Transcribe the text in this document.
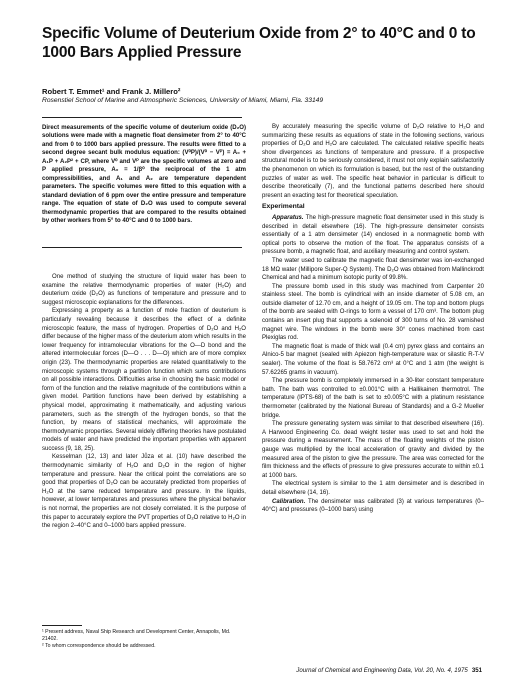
Specific Volume of Deuterium Oxide from 2° to 40°C and 0 to 1000 Bars Applied Pressure
Robert T. Emmet¹ and Frank J. Millero²
Rosenstiel School of Marine and Atmospheric Sciences, University of Miami, Miami, Fla. 33149
Direct measurements of the specific volume of deuterium oxide (D₂O) solutions were made with a magnetic float densimeter from 2° to 40°C and from 0 to 1000 bars applied pressure. The results were fitted to a second degree secant bulk modulus equation: (V⁰P)/(V⁰ − Vᴾ) = A₀ + A₁P + A₂P² + CP, where V⁰ and Vᴾ are the specific volumes at zero and P applied pressure, A₀ = 1/β⁰ the reciprocal of the 1 atm compressibilities, and A₁ and A₂ are temperature dependent parameters. The specific volumes were fitted to this equation with a standard deviation of 6 ppm over the entire pressure and temperature range. The equation of state of D₂O was used to compute several thermodynamic properties that are compared to the results obtained by other workers from 5° to 40°C and 0 to 1000 bars.

One method of studying the structure of liquid water has been to examine the relative thermodynamic properties of water (H₂O) and deuterium oxide (D₂O) as functions of temperature and pressure and to suggest microscopic explanations for the differences.

Expressing a property as a function of mole fraction of deuterium is particularly revealing because it describes the effect of a definite microscopic feature, the mass of hydrogen. Properties of D₂O and H₂O differ because of the higher mass of the deuterium atom which results in the lower frequency for intramolecular vibrations for the O—D bond and the altered intermolecular forces (D—O . . . D—O) which are of more complex origin (23). The thermodynamic properties are related quantitatively to the microscopic systems through a partition function which sums contributions on all possible interactions. Difficulties arise in choosing the basic model or form of the function and the relative magnitude of the contributions within a given model. Partition functions have been derived by establishing a physical model, approximating it mathematically, and adjusting various parameters, such as the strength of the hydrogen bonds, so that the function, by means of statistical mechanics, will approximate the thermodynamic properties. Several widely differing theories have postulated models of water and have predicted the important properties with apparent success (9, 18, 25).

Kesselman (12, 13) and later Jůza et al. (10) have described the thermodynamic similarity of H₂O and D₂O in the region of higher temperature and pressure. Near the critical point the correlations are so good that properties of D₂O can be accurately predicted from properties of H₂O at the same reduced temperature and pressure. In the liquids, however, at lower temperatures and pressures where the physical behavior is not normal, the properties are not closely correlated. It is the purpose of this paper to accurately explore the PVT properties of D₂O relative to H₂O in the region 2–40°C and 0–1000 bars applied pressure.

¹ Present address, Naval Ship Research and Development Center, Annapolis, Md. 21402.
² To whom correspondence should be addressed.

By accurately measuring the specific volume of D₂O relative to H₂O and summarizing these results as equations of state in the following sections, various properties of D₂O and H₂O are calculated. The calculated relative specific heats show divergences as functions of temperature and pressure. If a prospective structural model is to be seriously considered, it must not only explain satisfactorily the phenomenon on which its formulation is based, but the rest of the outstanding puzzles of water as well. The specific heat behavior in particular is difficult to describe theoretically (7), and the functional patterns described here should present an exacting test for theoretical speculation.

Experimental

Apparatus. The high-pressure magnetic float densimeter used in this study is described in detail elsewhere (16). The high-pressure densimeter consists essentially of a 1 atm densimeter (14) enclosed in a nonmagnetic bomb with optical ports to observe the motion of the float. The apparatus consists of a pressure bomb, a magnetic float, and auxiliary measuring and control system.

The water used to calibrate the magnetic float densimeter was ion-exchanged 18 MΩ water (Millipore Super-Q System). The D₂O was obtained from Mallinckrodt Chemical and had a minimum isotopic purity of 99.8%.

The pressure bomb used in this study was machined from Carpenter 20 stainless steel. The bomb is cylindrical with an inside diameter of 5.08 cm, an outside diameter of 12.70 cm, and a height of 19.05 cm. The top and bottom plugs of the bomb are sealed with O-rings to form a vessel of 170 cm³. The bottom plug contains an insert plug that supports a solenoid of 300 turns of No. 28 varnished magnet wire. The windows in the bomb were 30° cones machined from cast Plexiglas rod.

The magnetic float is made of thick wall (0.4 cm) pyrex glass and contains an Alnico-5 bar magnet (sealed with Apiezon high-temperature wax or silastic R-T-V sealer). The volume of the float is 58.7672 cm³ at 0°C and 1 atm (the weight is 57.62265 grams in vacuum).

The pressure bomb is completely immersed in a 30-liter constant temperature bath. The bath was controlled to ±0.001°C with a Hallikainen thermotrol. The temperature (IPTS-68) of the bath is set to ±0.005°C with a platinum resistance thermometer (calibrated by the National Bureau of Standards) and a G-2 Mueller bridge.

The pressure generating system was similar to that described elsewhere (16). A Harwood Engineering Co. dead weight tester was used to set and hold the pressure during a measurement. The mass of the floating weights of the piston gauge was multiplied by the local acceleration of gravity and divided by the measured area of the piston to give the pressure. The area was corrected for the film thickness and the effects of pressure to give pressures accurate to within ±0.1 at 1000 bars.

The electrical system is similar to the 1 atm densimeter and is described in detail elsewhere (14, 16).

Calibration. The densimeter was calibrated (3) at various temperatures (0–40°C) and pressures (0–1000 bars) using

Journal of Chemical and Engineering Data, Vol. 20, No. 4, 1975 351
